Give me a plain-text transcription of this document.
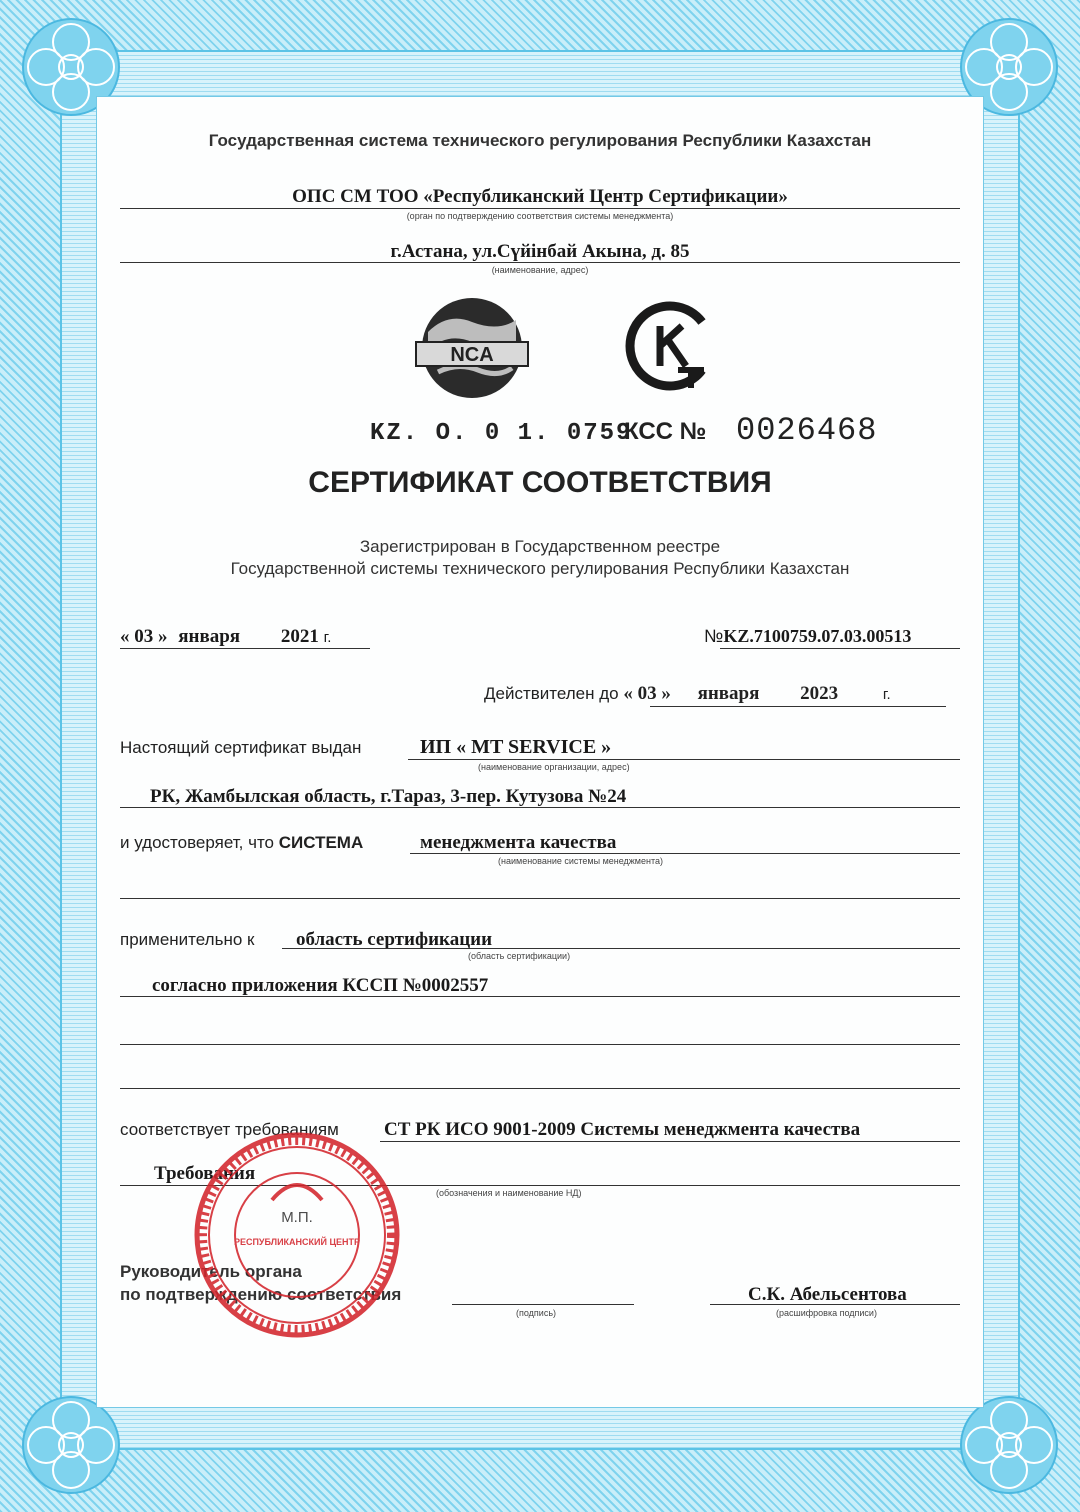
Государственная система технического регулирования Республики Казахстан
ОПС СМ ТОО «Республиканский Центр Сертификации»
(орган по подтверждению соответствия системы менеджмента)
г.Астана, ул.Сүйінбай Акына, д. 85
(наименование, адрес)
NCA
KZ. О. 0 1. 0759
КСС № 0026468
СЕРТИФИКАТ СООТВЕТСТВИЯ
Зарегистрирован в Государственном реестре
Государственной системы технического регулирования Республики Казахстан
« 03 » января 2021 г.	№KZ.7100759.07.03.00513
Действителен до « 03 » января 2023	г.
Настоящий сертификат выдан	ИП « MT SERVICE »
(наименование организации, адрес)
РК, Жамбылская область, г.Тараз, 3-пер. Кутузова №24
и удостоверяет, что СИСТЕМА	менеджмента качества
(наименование системы менеджмента)
применительно к область сертификации
(область сертификации)
согласно приложения КССП №0002557
соответствует требованиям СТ РК ИСО 9001-2009 Системы менеджмента качества
Требования
(обозначения и наименование НД)
Руководитель органа
по подтверждению соответствия
(подпись)
С.К. Абельсентова
(расшифровка подписи)
М.П.
РЕСПУБЛИКАНСКИЙ ЦЕНТР
